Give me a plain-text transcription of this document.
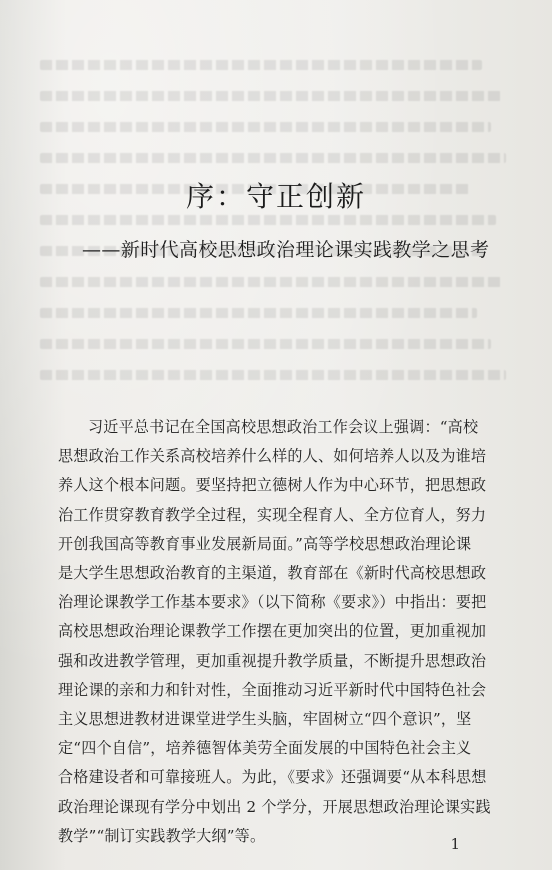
序：守正创新
——新时代高校思想政治理论课实践教学之思考
习近平总书记在全国高校思想政治工作会议上强调：“高校
思想政治工作关系高校培养什么样的人、如何培养人以及为谁培
养人这个根本问题。要坚持把立德树人作为中心环节，把思想政
治工作贯穿教育教学全过程，实现全程育人、全方位育人，努力
开创我国高等教育事业发展新局面。”高等学校思想政治理论课
是大学生思想政治教育的主渠道，教育部在《新时代高校思想政
治理论课教学工作基本要求》（以下简称《要求》）中指出：要把
高校思想政治理论课教学工作摆在更加突出的位置，更加重视加
强和改进教学管理，更加重视提升教学质量，不断提升思想政治
理论课的亲和力和针对性，全面推动习近平新时代中国特色社会
主义思想进教材进课堂进学生头脑，牢固树立“四个意识”，坚
定“四个自信”，培养德智体美劳全面发展的中国特色社会主义
合格建设者和可靠接班人。为此，《要求》还强调要“从本科思想
政治理论课现有学分中划出 2 个学分，开展思想政治理论课实践
教学”“制订实践教学大纲”等。	1
